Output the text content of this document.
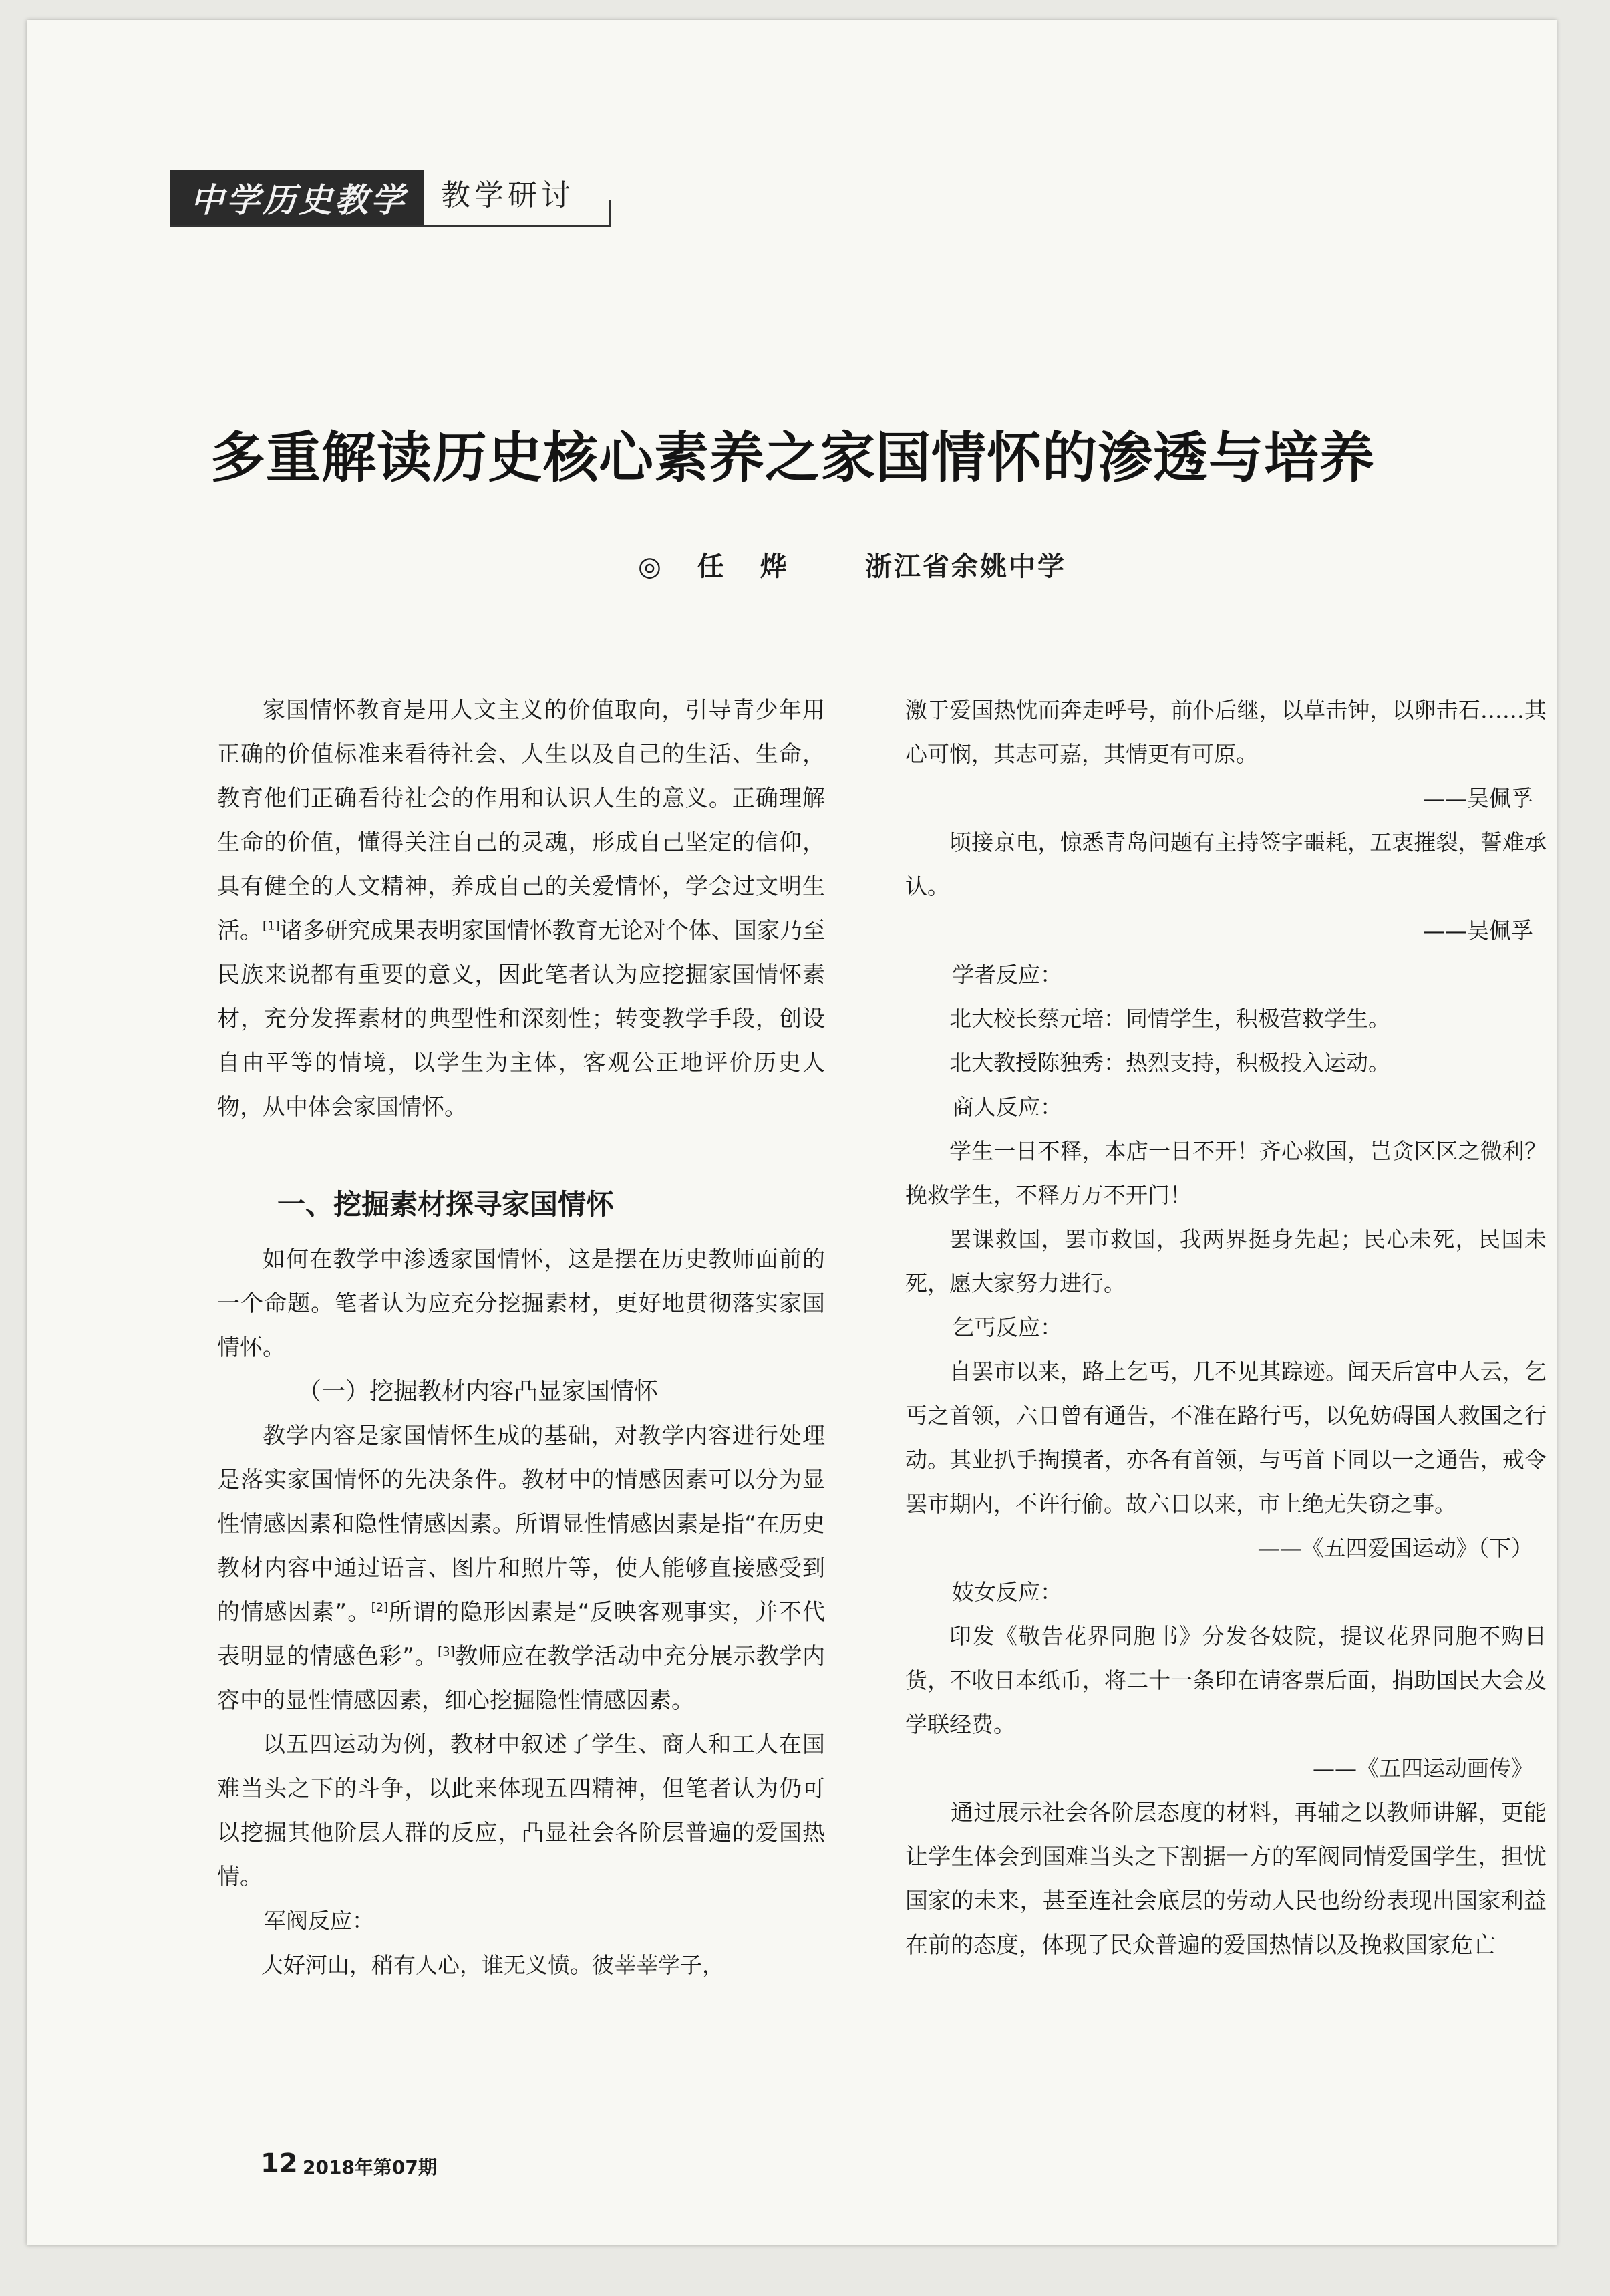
中学历史教学 教学研讨
多重解读历史核心素养之家国情怀的渗透与培养
◎ 任 烨 浙江省余姚中学

家国情怀教育是用人文主义的价值取向，引导青少年用正确的价值标准来看待社会、人生以及自己的生活、生命，教育他们正确看待社会的作用和认识人生的意义。正确理解生命的价值，懂得关注自己的灵魂，形成自己坚定的信仰，具有健全的人文精神，养成自己的关爱情怀，学会过文明生活。[1]诸多研究成果表明家国情怀教育无论对个体、国家乃至民族来说都有重要的意义，因此笔者认为应挖掘家国情怀素材，充分发挥素材的典型性和深刻性；转变教学手段，创设自由平等的情境，以学生为主体，客观公正地评价历史人物，从中体会家国情怀。

一、挖掘素材探寻家国情怀

如何在教学中渗透家国情怀，这是摆在历史教师面前的一个命题。笔者认为应充分挖掘素材，更好地贯彻落实家国情怀。

（一）挖掘教材内容凸显家国情怀

教学内容是家国情怀生成的基础，对教学内容进行处理是落实家国情怀的先决条件。教材中的情感因素可以分为显性情感因素和隐性情感因素。所谓显性情感因素是指“在历史教材内容中通过语言、图片和照片等，使人能够直接感受到的情感因素”。[2]所谓的隐形因素是“反映客观事实，并不代表明显的情感色彩”。[3]教师应在教学活动中充分展示教学内容中的显性情感因素，细心挖掘隐性情感因素。

以五四运动为例，教材中叙述了学生、商人和工人在国难当头之下的斗争，以此来体现五四精神，但笔者认为仍可以挖掘其他阶层人群的反应，凸显社会各阶层普遍的爱国热情。

军阀反应：

大好河山，稍有人心，谁无义愤。彼莘莘学子，

激于爱国热忱而奔走呼号，前仆后继，以草击钟，以卵击石……其心可悯，其志可嘉，其情更有可原。

——吴佩孚

顷接京电，惊悉青岛问题有主持签字噩耗，五衷摧裂，誓难承认。

——吴佩孚

学者反应：

北大校长蔡元培：同情学生，积极营救学生。

北大教授陈独秀：热烈支持，积极投入运动。

商人反应：

学生一日不释，本店一日不开！齐心救国，岂贪区区之微利？挽救学生，不释万万不开门！

罢课救国，罢市救国，我两界挺身先起；民心未死，民国未死，愿大家努力进行。

乞丐反应：

自罢市以来，路上乞丐，几不见其踪迹。闻天后宫中人云，乞丐之首领，六日曾有通告，不准在路行丐，以免妨碍国人救国之行动。其业扒手掏摸者，亦各有首领，与丐首下同以一之通告，戒令罢市期内，不许行偷。故六日以来，市上绝无失窃之事。

——《五四爱国运动》（下）

妓女反应：

印发《敬告花界同胞书》分发各妓院，提议花界同胞不购日货，不收日本纸币，将二十一条印在请客票后面，捐助国民大会及学联经费。

——《五四运动画传》

通过展示社会各阶层态度的材料，再辅之以教师讲解，更能让学生体会到国难当头之下割据一方的军阀同情爱国学生，担忧国家的未来，甚至连社会底层的劳动人民也纷纷表现出国家利益在前的态度，体现了民众普遍的爱国热情以及挽救国家危亡

12 2018年第07期
